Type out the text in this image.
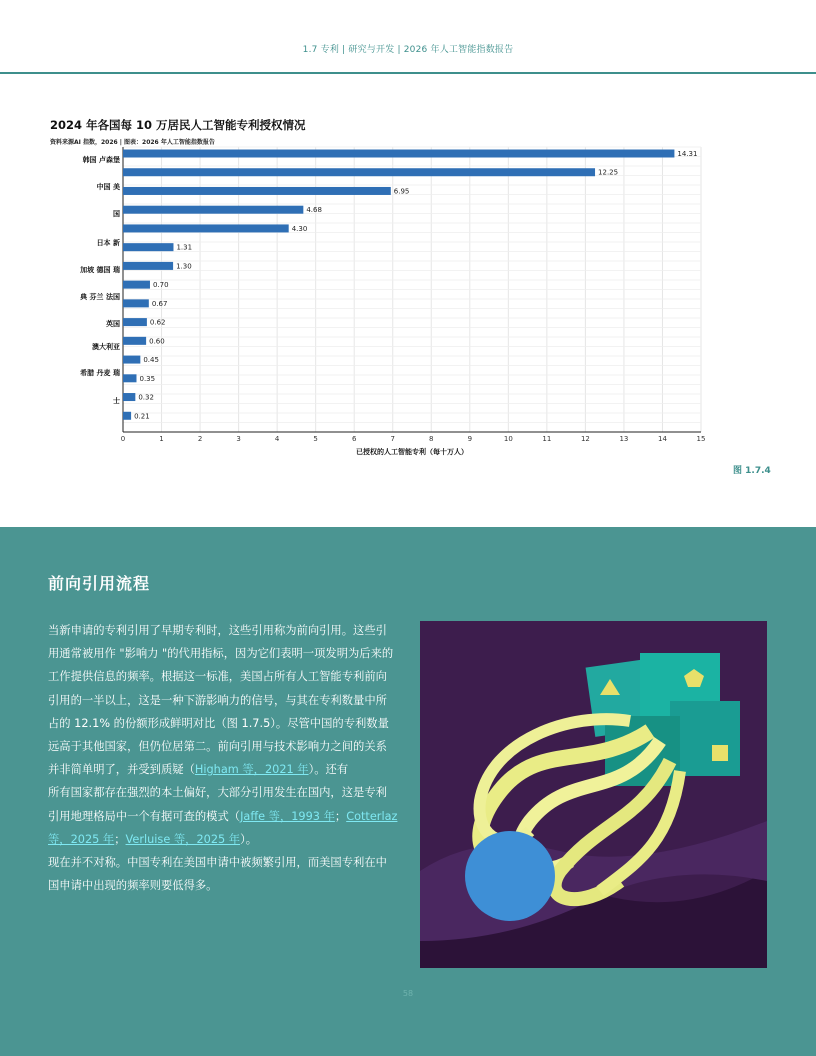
1.7 专利 | 研究与开发 | 2026 年人工智能指数报告
2024 年各国每 10 万居民人工智能专利授权情况
资料来源AI 指数，2026 | 图表：2026 年人工智能指数报告
0	1	2	3	4	5	6	7	8	9	10	11	12	13	14	15
14.31
12.25
6.95
4.68
4.30
1.31
1.30
0.70
0.67
0.62
0.60
0.45
0.35
0.32
0.21
韩国 卢森堡
中国 美
国
日本 新
加坡 德国 瑞
典 芬兰 法国
英国
澳大利亚
希腊 丹麦 瑞
士
已授权的人工智能专利（每十万人）
图 1.7.4
前向引用流程

当新申请的专利引用了早期专利时，这些引用称为前向引用。这些引用通常被用作 "影响力 "的代用指标，因为它们表明一项发明为后来的工作提供信息的频率。根据这一标准，美国占所有人工智能专利前向引用的一半以上，这是一种下游影响力的信号，与其在专利数量中所占的 12.1% 的份额形成鲜明对比（图 1.7.5）。尽管中国的专利数量远高于其他国家，但仍位居第二。前向引用与技术影响力之间的关系并非简单明了，并受到质疑（Higham 等，2021 年）。还有

所有国家都存在强烈的本土偏好，大部分引用发生在国内，这是专利引用地理格局中一个有据可查的模式（Jaffe 等，1993 年；Cotterlaz 等，2025 年；Verluise 等，2025 年）。

现在并不对称。中国专利在美国申请中被频繁引用，而美国专利在中国申请中出现的频率则要低得多。

58
